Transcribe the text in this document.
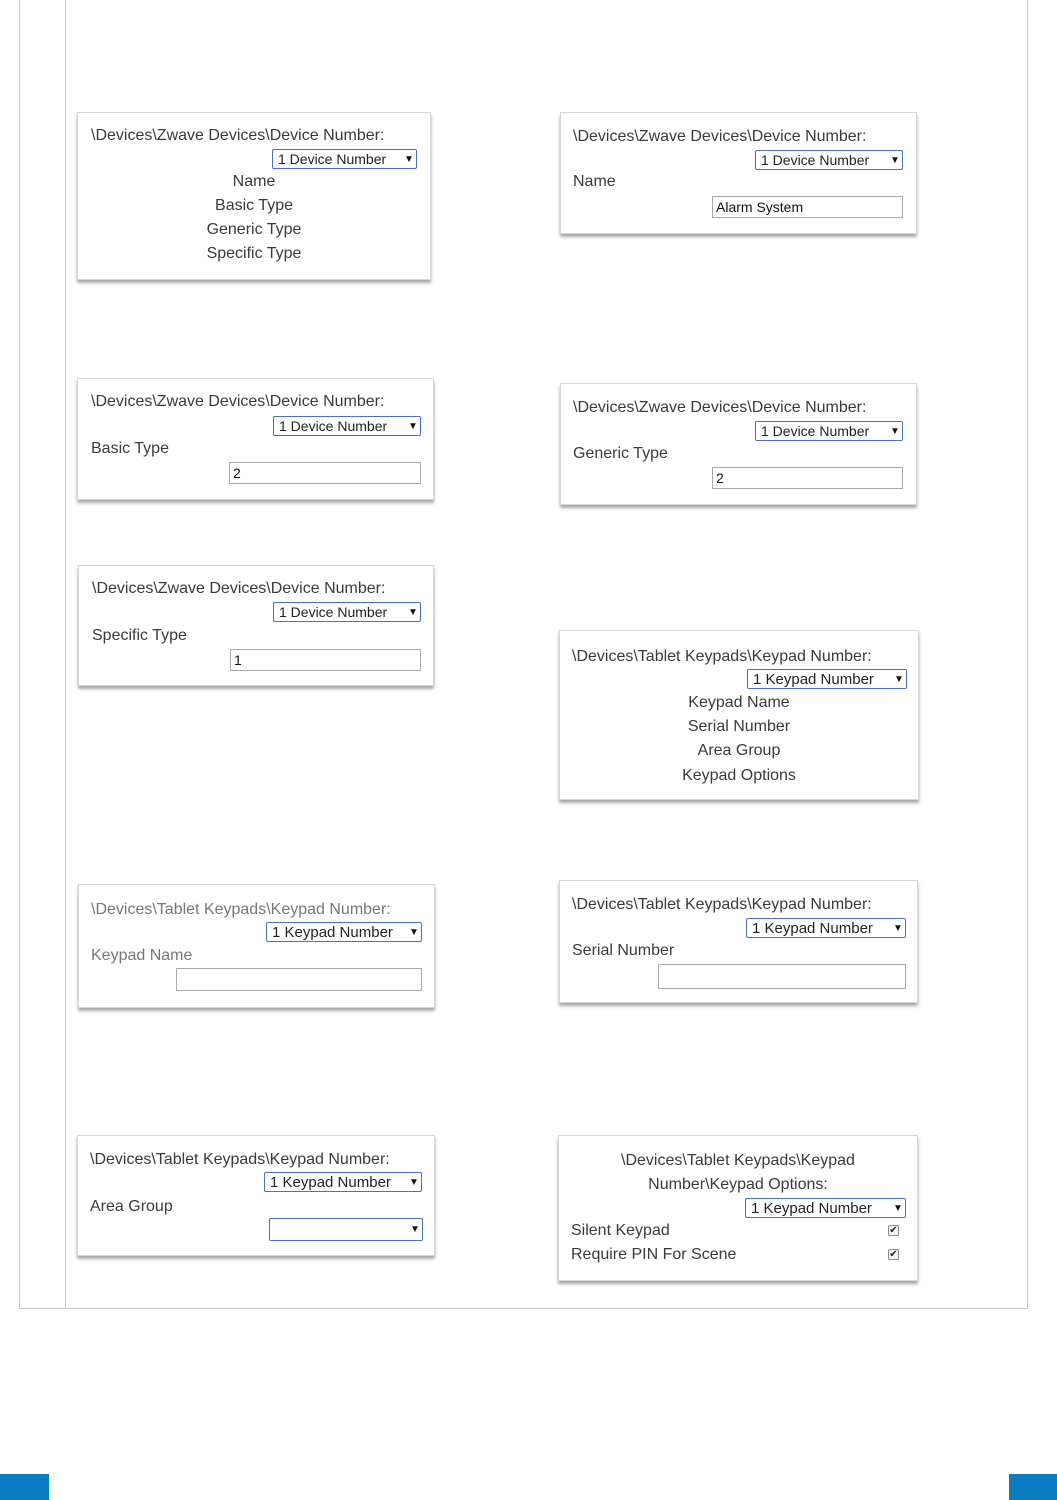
\Devices\Zwave Devices\Device Number:
1 Device Number	▼
Name
Basic Type
Generic Type
Specific Type
\Devices\Zwave Devices\Device Number:
1 Device Number	▼
Name
Alarm System
\Devices\Zwave Devices\Device Number:
1 Device Number	▼
Basic Type
2
\Devices\Zwave Devices\Device Number:
1 Device Number	▼
Generic Type
2
\Devices\Zwave Devices\Device Number:
1 Device Number	▼
Specific Type
1	\Devices\Tablet Keypads\Keypad Number:
1 Keypad Number	▼
Keypad Name
Serial Number
Area Group
Keypad Options
\Devices\Tablet Keypads\Keypad Number:
1 Keypad Number	▼
Keypad Name
\Devices\Tablet Keypads\Keypad Number:
1 Keypad Number	▼
Serial Number
\Devices\Tablet Keypads\Keypad Number:
1 Keypad Number	▼
Area Group
▼
\Devices\Tablet Keypads\Keypad
Number\Keypad Options:
1 Keypad Number	▼
Silent Keypad	✔
Require PIN For Scene	✔
